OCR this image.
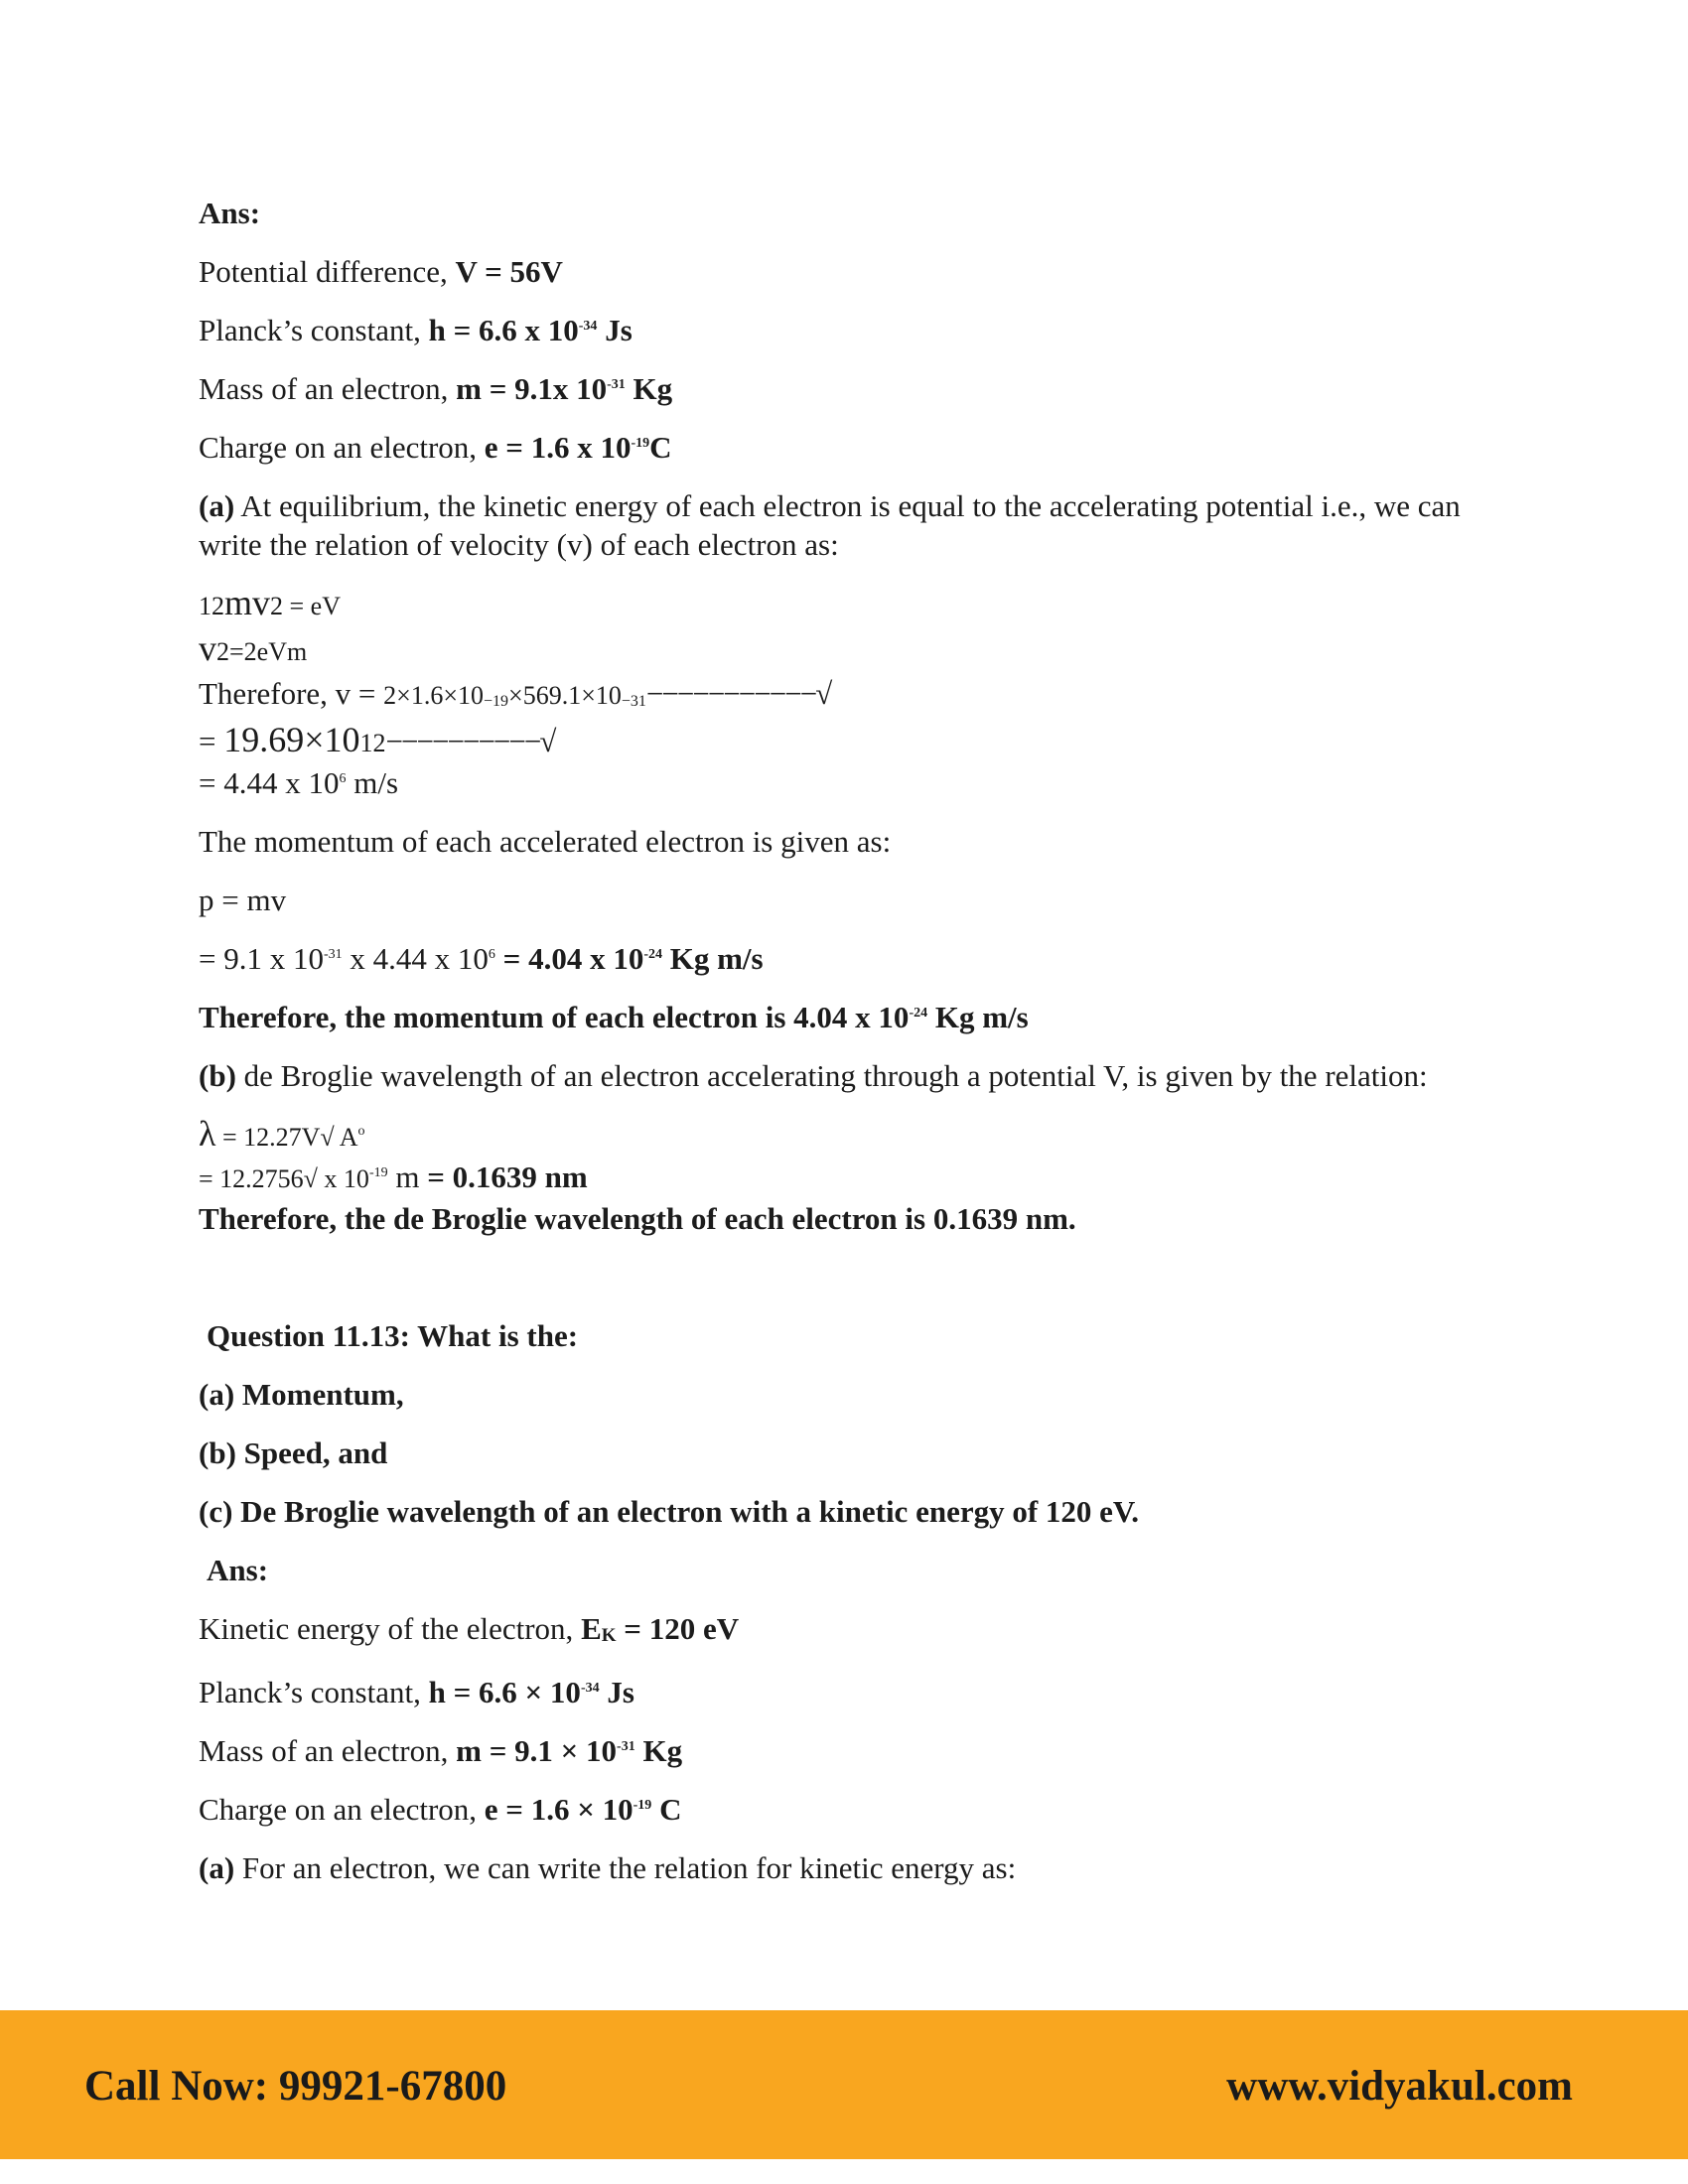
Ans:

Potential difference, V = 56V

Planck’s constant, h = 6.6 x $10^{-34}$ Js

Mass of an electron, m = 9.1x $10^{-31}$ Kg

Charge on an electron, e = 1.6 x $10^{-19}C$

(a) At equilibrium, the kinetic energy of each electron is equal to the accelerating potential i.e., we can write the relation of velocity (v) of each electron as:

12mv2 = eV

v2=2eVm

Therefore, v = 2×1.6×10−19×569.1×10−31−−−−−−−−−−−√

= 19.69×1012−−−−−−−−−−√

= 4.44 x $10^6$ m/s

The momentum of each accelerated electron is given as:

p = mv

= 9.1 x $10^{-31}$ x 4.44 x $10^6 = 4.04$ x $10^{-24}$ Kg m/s

Therefore, the momentum of each electron is 4.04 x $10^{-24}$ Kg m/s

(b) de Broglie wavelength of an electron accelerating through a potential V, is given by the relation:

λ = 12.27V√ $A^o$

= 12.2756√ x $10^{-19}$ m = 0.1639 nm

Therefore, the de Broglie wavelength of each electron is 0.1639 nm.

Question 11.13: What is the:

(a) Momentum,

(b) Speed, and

(c) De Broglie wavelength of an electron with a kinetic energy of 120 eV.

Ans:

Kinetic energy of the electron, EK = 120 eV

Planck’s constant, $h = 6.6 \times 10^{-34}$ Js

Mass of an electron, $m = 9.1 \times 10^{-31}$ Kg

Charge on an electron, $e = 1.6 \times 10^{-19}$ C

(a) For an electron, we can write the relation for kinetic energy as:

Call Now: 99921-67800	www.vidyakul.com
